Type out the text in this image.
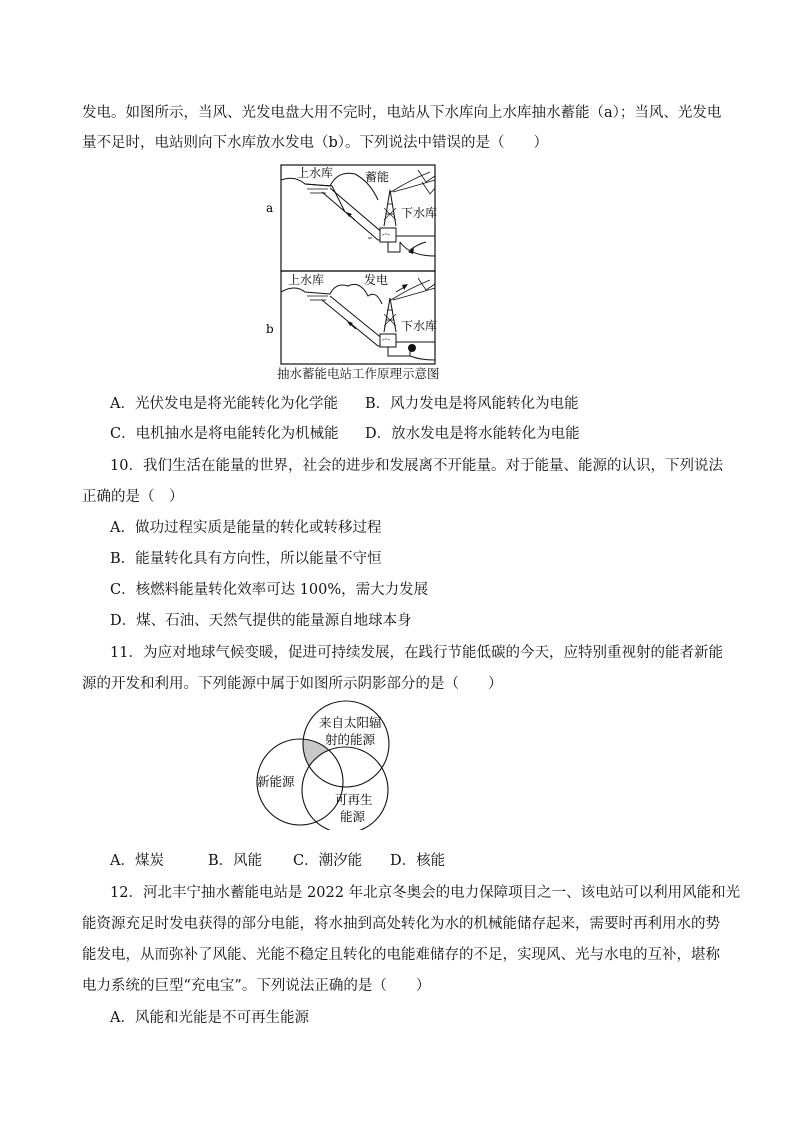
发电。如图所示，当风、光发电盘大用不完时，电站从下水库向上水库抽水蓄能（a）；当风、光发电
量不足时，电站则向下水库放水发电（b）。下列说法中错误的是（　　）
a
b
宀
上水库	蓄能
下水库
宀
上水库	发电
下水库
抽水蓄能电站工作原理示意图
A．光伏发电是将光能转化为化学能 B．风力发电是将风能转化为电能
C．电机抽水是将电能转化为机械能 D．放水发电是将水能转化为电能
10．我们生活在能量的世界，社会的进步和发展离不开能量。对于能量、能源的认识，下列说法
正确的是（　）
A．做功过程实质是能量的转化或转移过程
B．能量转化具有方向性，所以能量不守恒
C．核燃料能量转化效率可达 100%，需大力发展
D．煤、石油、天然气提供的能量源自地球本身
11．为应对地球气候变暖，促进可持续发展，在践行节能低碳的今天，应特别重视射的能者新能
源的开发和利用。下列能源中属于如图所示阴影部分的是（　　）
来自太阳辐
射的能源
新能源
可再生
能源
A．煤炭	B．风能 C．潮汐能 D．核能
12．河北丰宁抽水蓄能电站是 2022 年北京冬奥会的电力保障项目之一、该电站可以利用风能和光
能资源充足时发电获得的部分电能，将水抽到高处转化为水的机械能储存起来，需要时再利用水的势
能发电，从而弥补了风能、光能不稳定且转化的电能难储存的不足，实现风、光与水电的互补，堪称
电力系统的巨型“充电宝”。下列说法正确的是（　　）
A．风能和光能是不可再生能源
